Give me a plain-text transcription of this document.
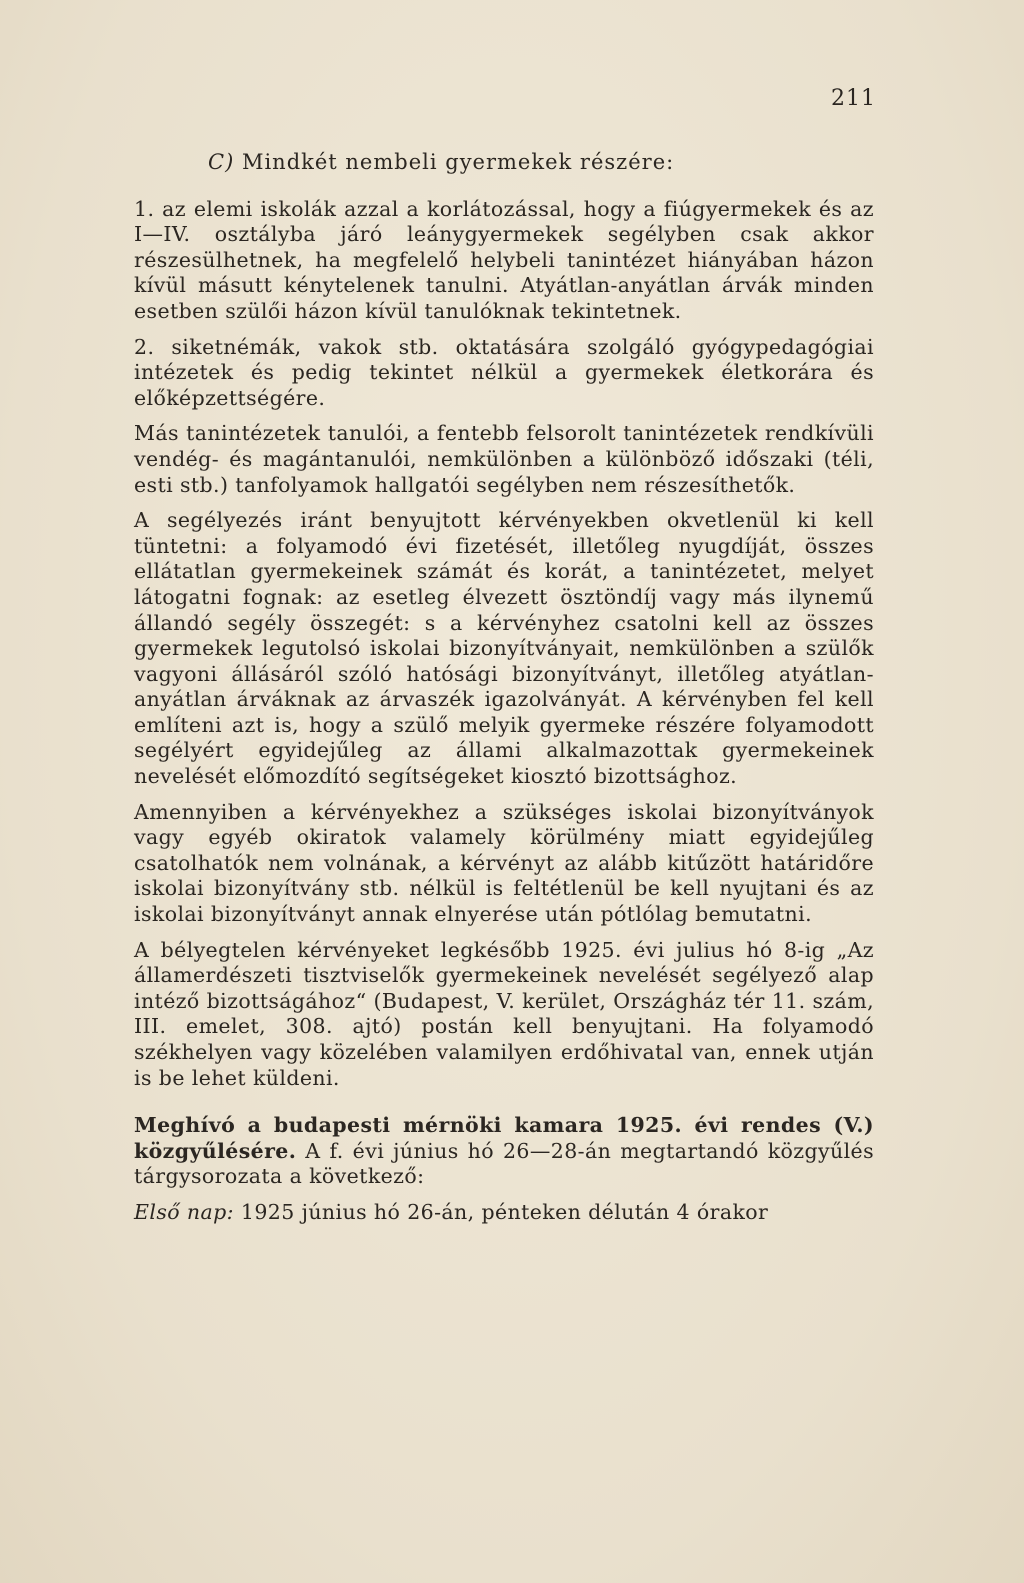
211
C) Mindkét nembeli gyermekek részére:

1. az elemi iskolák azzal a korlátozással, hogy a fiúgyermekek és az I—IV. osztályba járó leánygyermekek segélyben csak akkor részesülhetnek, ha megfelelő helybeli tanintézet hiányában házon kívül másutt kénytelenek tanulni. Atyátlan-anyátlan árvák minden esetben szülői házon kívül tanulóknak tekintetnek.

2. siketnémák, vakok stb. oktatására szolgáló gyógypedagógiai intézetek és pedig tekintet nélkül a gyermekek életkorára és előképzettségére.

Más tanintézetek tanulói, a fentebb felsorolt tanintézetek rendkívüli vendég- és magántanulói, nemkülönben a különböző időszaki (téli, esti stb.) tanfolyamok hallgatói segélyben nem részesíthetők.

A segélyezés iránt benyujtott kérvényekben okvetlenül ki kell tüntetni: a folyamodó évi fizetését, illetőleg nyugdíját, összes ellátatlan gyermekeinek számát és korát, a tanintézetet, melyet látogatni fognak: az esetleg élvezett ösztöndíj vagy más ilynemű állandó segély összegét: s a kérvényhez csatolni kell az összes gyermekek legutolsó iskolai bizonyítványait, nemkülönben a szülők vagyoni állásáról szóló hatósági bizonyítványt, illetőleg atyátlan-anyátlan árváknak az árvaszék igazolványát. A kérvényben fel kell említeni azt is, hogy a szülő melyik gyermeke részére folyamodott segélyért egyidejűleg az állami alkalmazottak gyermekeinek nevelését előmozdító segítségeket kiosztó bizottsághoz.

Amennyiben a kérvényekhez a szükséges iskolai bizonyítványok vagy egyéb okiratok valamely körülmény miatt egyidejűleg csatolhatók nem volnának, a kérvényt az alább kitűzött határidőre iskolai bizonyítvány stb. nélkül is feltétlenül be kell nyujtani és az iskolai bizonyítványt annak elnyerése után pótlólag bemutatni.

A bélyegtelen kérvényeket legkésőbb 1925. évi julius hó 8-ig „Az államerdészeti tisztviselők gyermekeinek nevelését segélyező alap intéző bizottságához“ (Budapest, V. kerület, Országház tér 11. szám, III. emelet, 308. ajtó) postán kell benyujtani. Ha folyamodó székhelyen vagy közelében valamilyen erdőhivatal van, ennek utján is be lehet küldeni.

Meghívó a budapesti mérnöki kamara 1925. évi rendes (V.) közgyűlésére. A f. évi június hó 26—28-án megtartandó közgyűlés tárgysorozata a következő:

Első nap: 1925 június hó 26-án, pénteken délután 4 órakor
